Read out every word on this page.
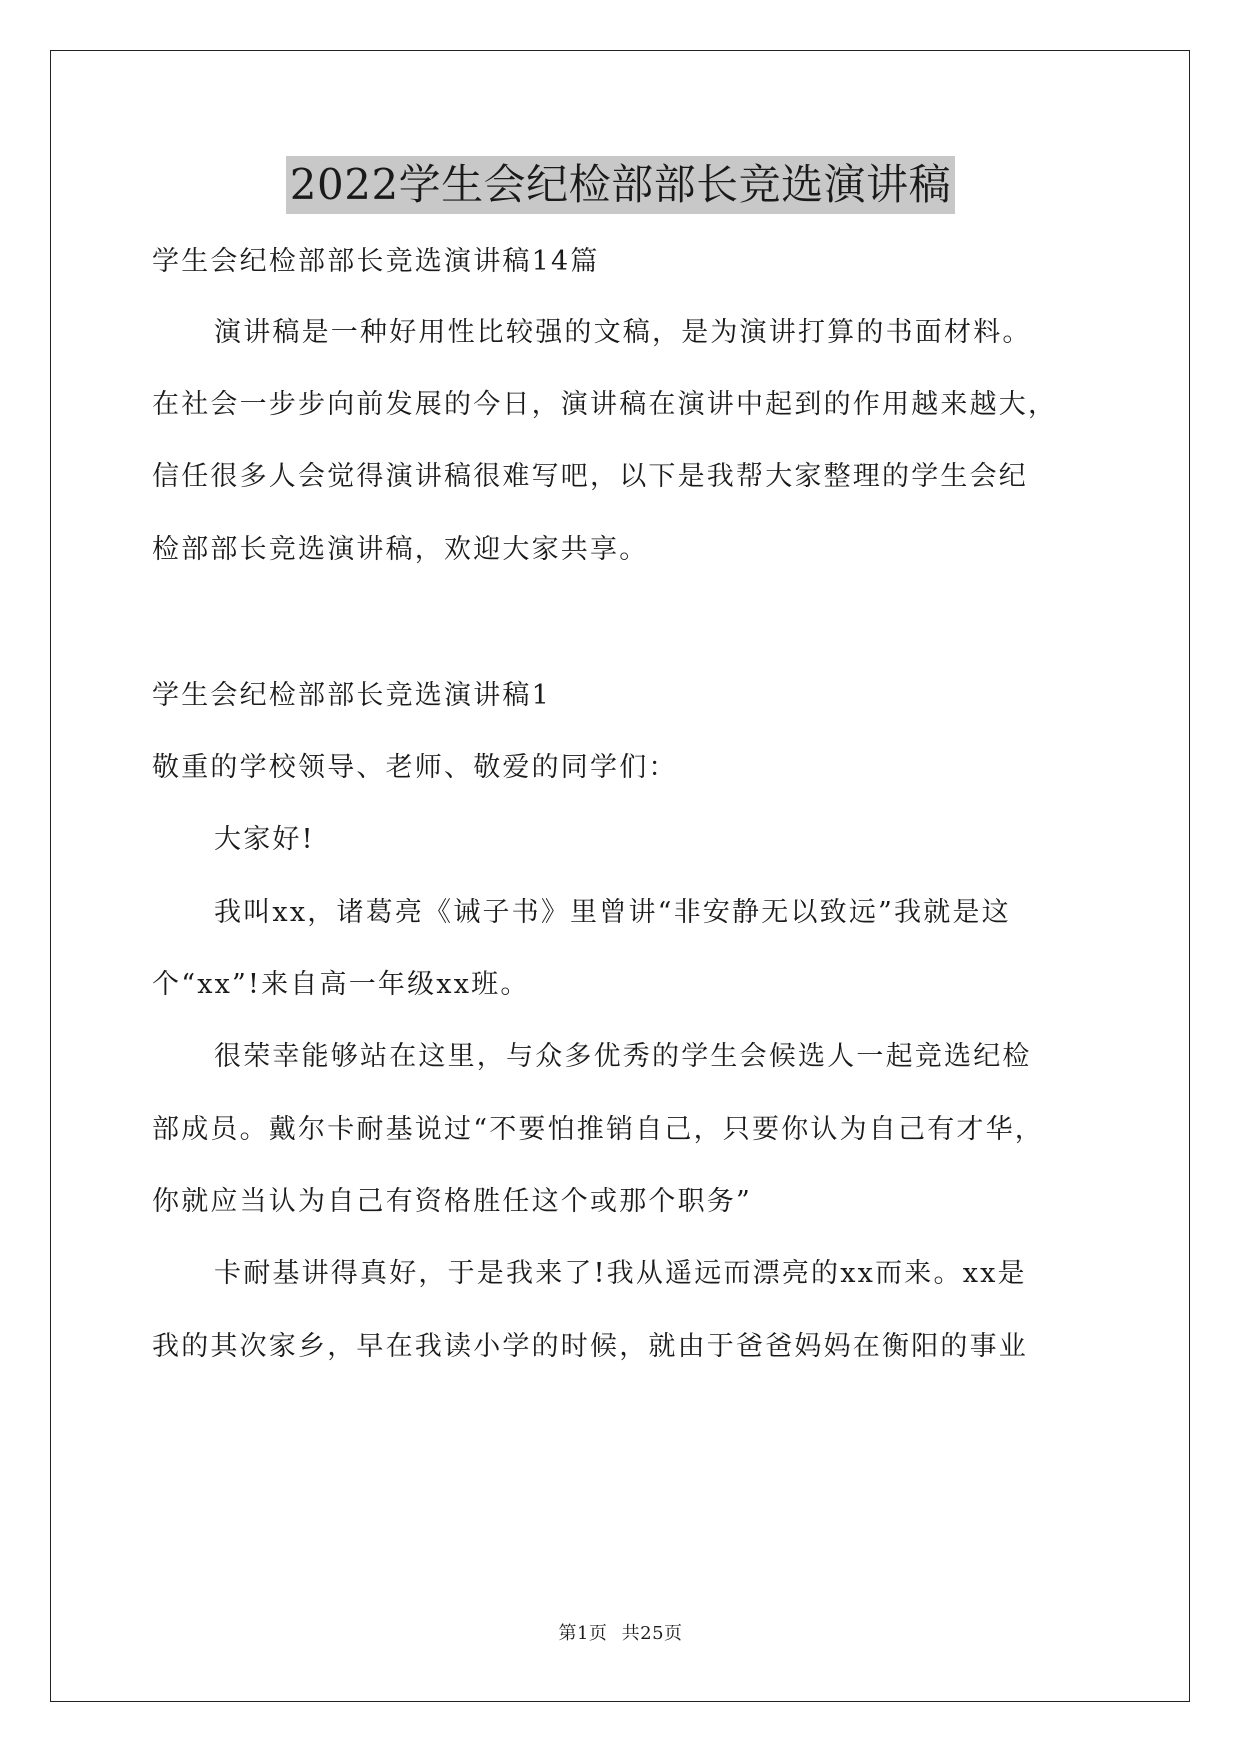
2022学生会纪检部部长竞选演讲稿
学生会纪检部部长竞选演讲稿14篇
演讲稿是一种好用性比较强的文稿，是为演讲打算的书面材料。
在社会一步步向前发展的今日，演讲稿在演讲中起到的作用越来越大，
信任很多人会觉得演讲稿很难写吧，以下是我帮大家整理的学生会纪
检部部长竞选演讲稿，欢迎大家共享。
学生会纪检部部长竞选演讲稿1
敬重的学校领导、老师、敬爱的同学们：
大家好!
我叫xx，诸葛亮《诫子书》里曾讲“非安静无以致远”我就是这
个“xx”!来自高一年级xx班。
很荣幸能够站在这里，与众多优秀的学生会候选人一起竞选纪检
部成员。戴尔卡耐基说过“不要怕推销自己，只要你认为自己有才华，
你就应当认为自己有资格胜任这个或那个职务”
卡耐基讲得真好，于是我来了!我从遥远而漂亮的xx而来。xx是
我的其次家乡，早在我读小学的时候，就由于爸爸妈妈在衡阳的事业
第1页 共25页
